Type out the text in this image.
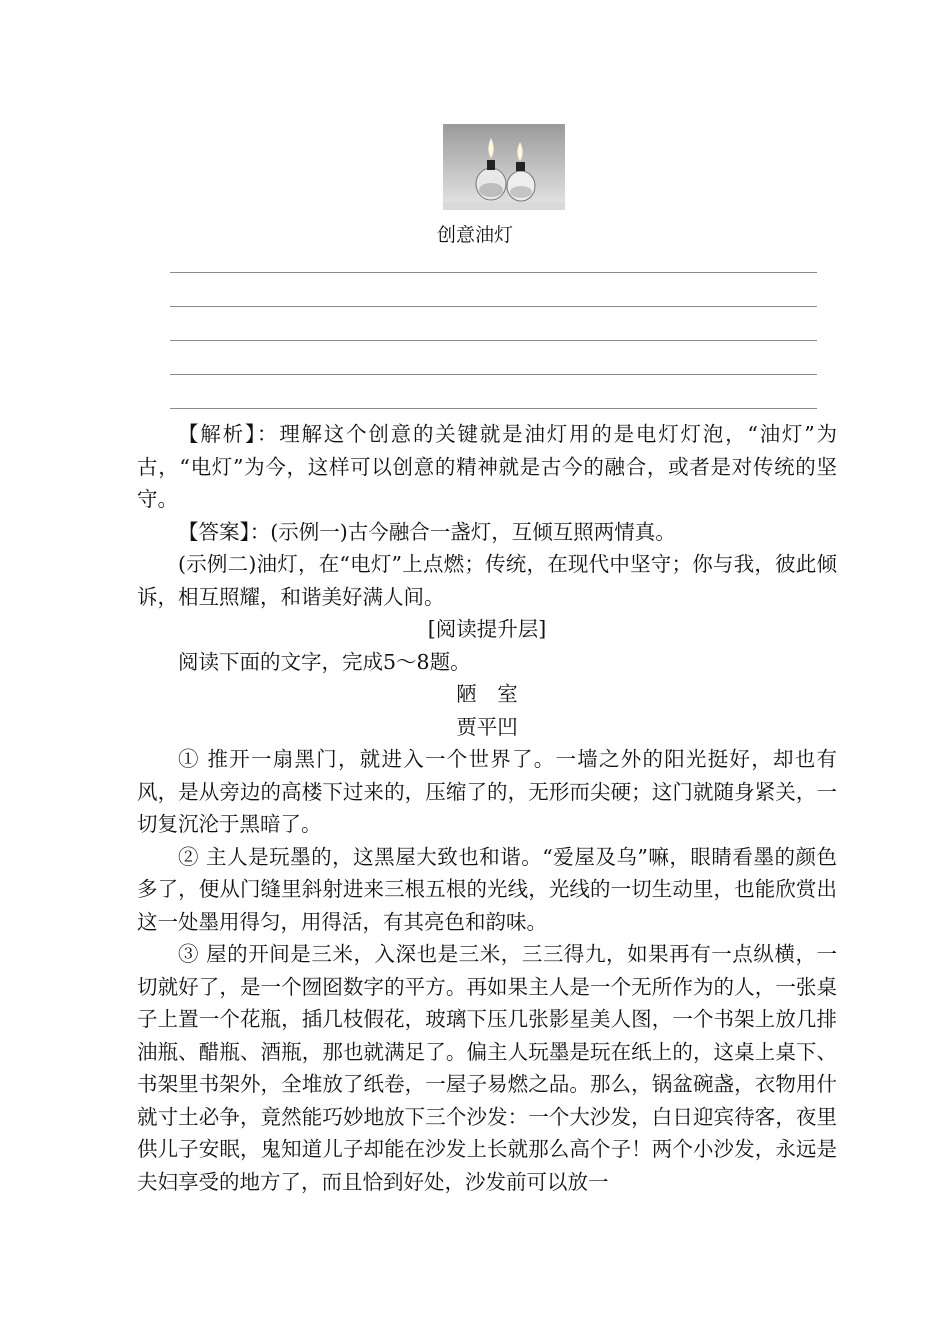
创意油灯

【解析】：理解这个创意的关键就是油灯用的是电灯灯泡，“油灯”为古，“电灯”为今，这样可以创意的精神就是古今的融合，或者是对传统的坚守。

【答案】：(示例一)古今融合一盏灯，互倾互照两情真。

(示例二)油灯，在“电灯”上点燃；传统，在现代中坚守；你与我，彼此倾诉，相互照耀，和谐美好满人间。

[阅读提升层]

阅读下面的文字，完成5～8题。

陋　室

贾平凹

① 推开一扇黑门，就进入一个世界了。一墙之外的阳光挺好，却也有风，是从旁边的高楼下过来的，压缩了的，无形而尖硬；这门就随身紧关，一切复沉沦于黑暗了。

② 主人是玩墨的，这黑屋大致也和谐。“爱屋及乌”嘛，眼睛看墨的颜色多了，便从门缝里斜射进来三根五根的光线，光线的一切生动里，也能欣赏出这一处墨用得匀，用得活，有其亮色和韵味。

③ 屋的开间是三米，入深也是三米，三三得九，如果再有一点纵横，一切就好了，是一个囫囵数字的平方。再如果主人是一个无所作为的人，一张桌子上置一个花瓶，插几枝假花，玻璃下压几张影星美人图，一个书架上放几排油瓶、醋瓶、酒瓶，那也就满足了。偏主人玩墨是玩在纸上的，这桌上桌下、书架里书架外，全堆放了纸卷，一屋子易燃之品。那么，锅盆碗盏，衣物用什就寸土必争，竟然能巧妙地放下三个沙发：一个大沙发，白日迎宾待客，夜里供儿子安眠，鬼知道儿子却能在沙发上长就那么高个子！两个小沙发，永远是夫妇享受的地方了，而且恰到好处，沙发前可以放一
